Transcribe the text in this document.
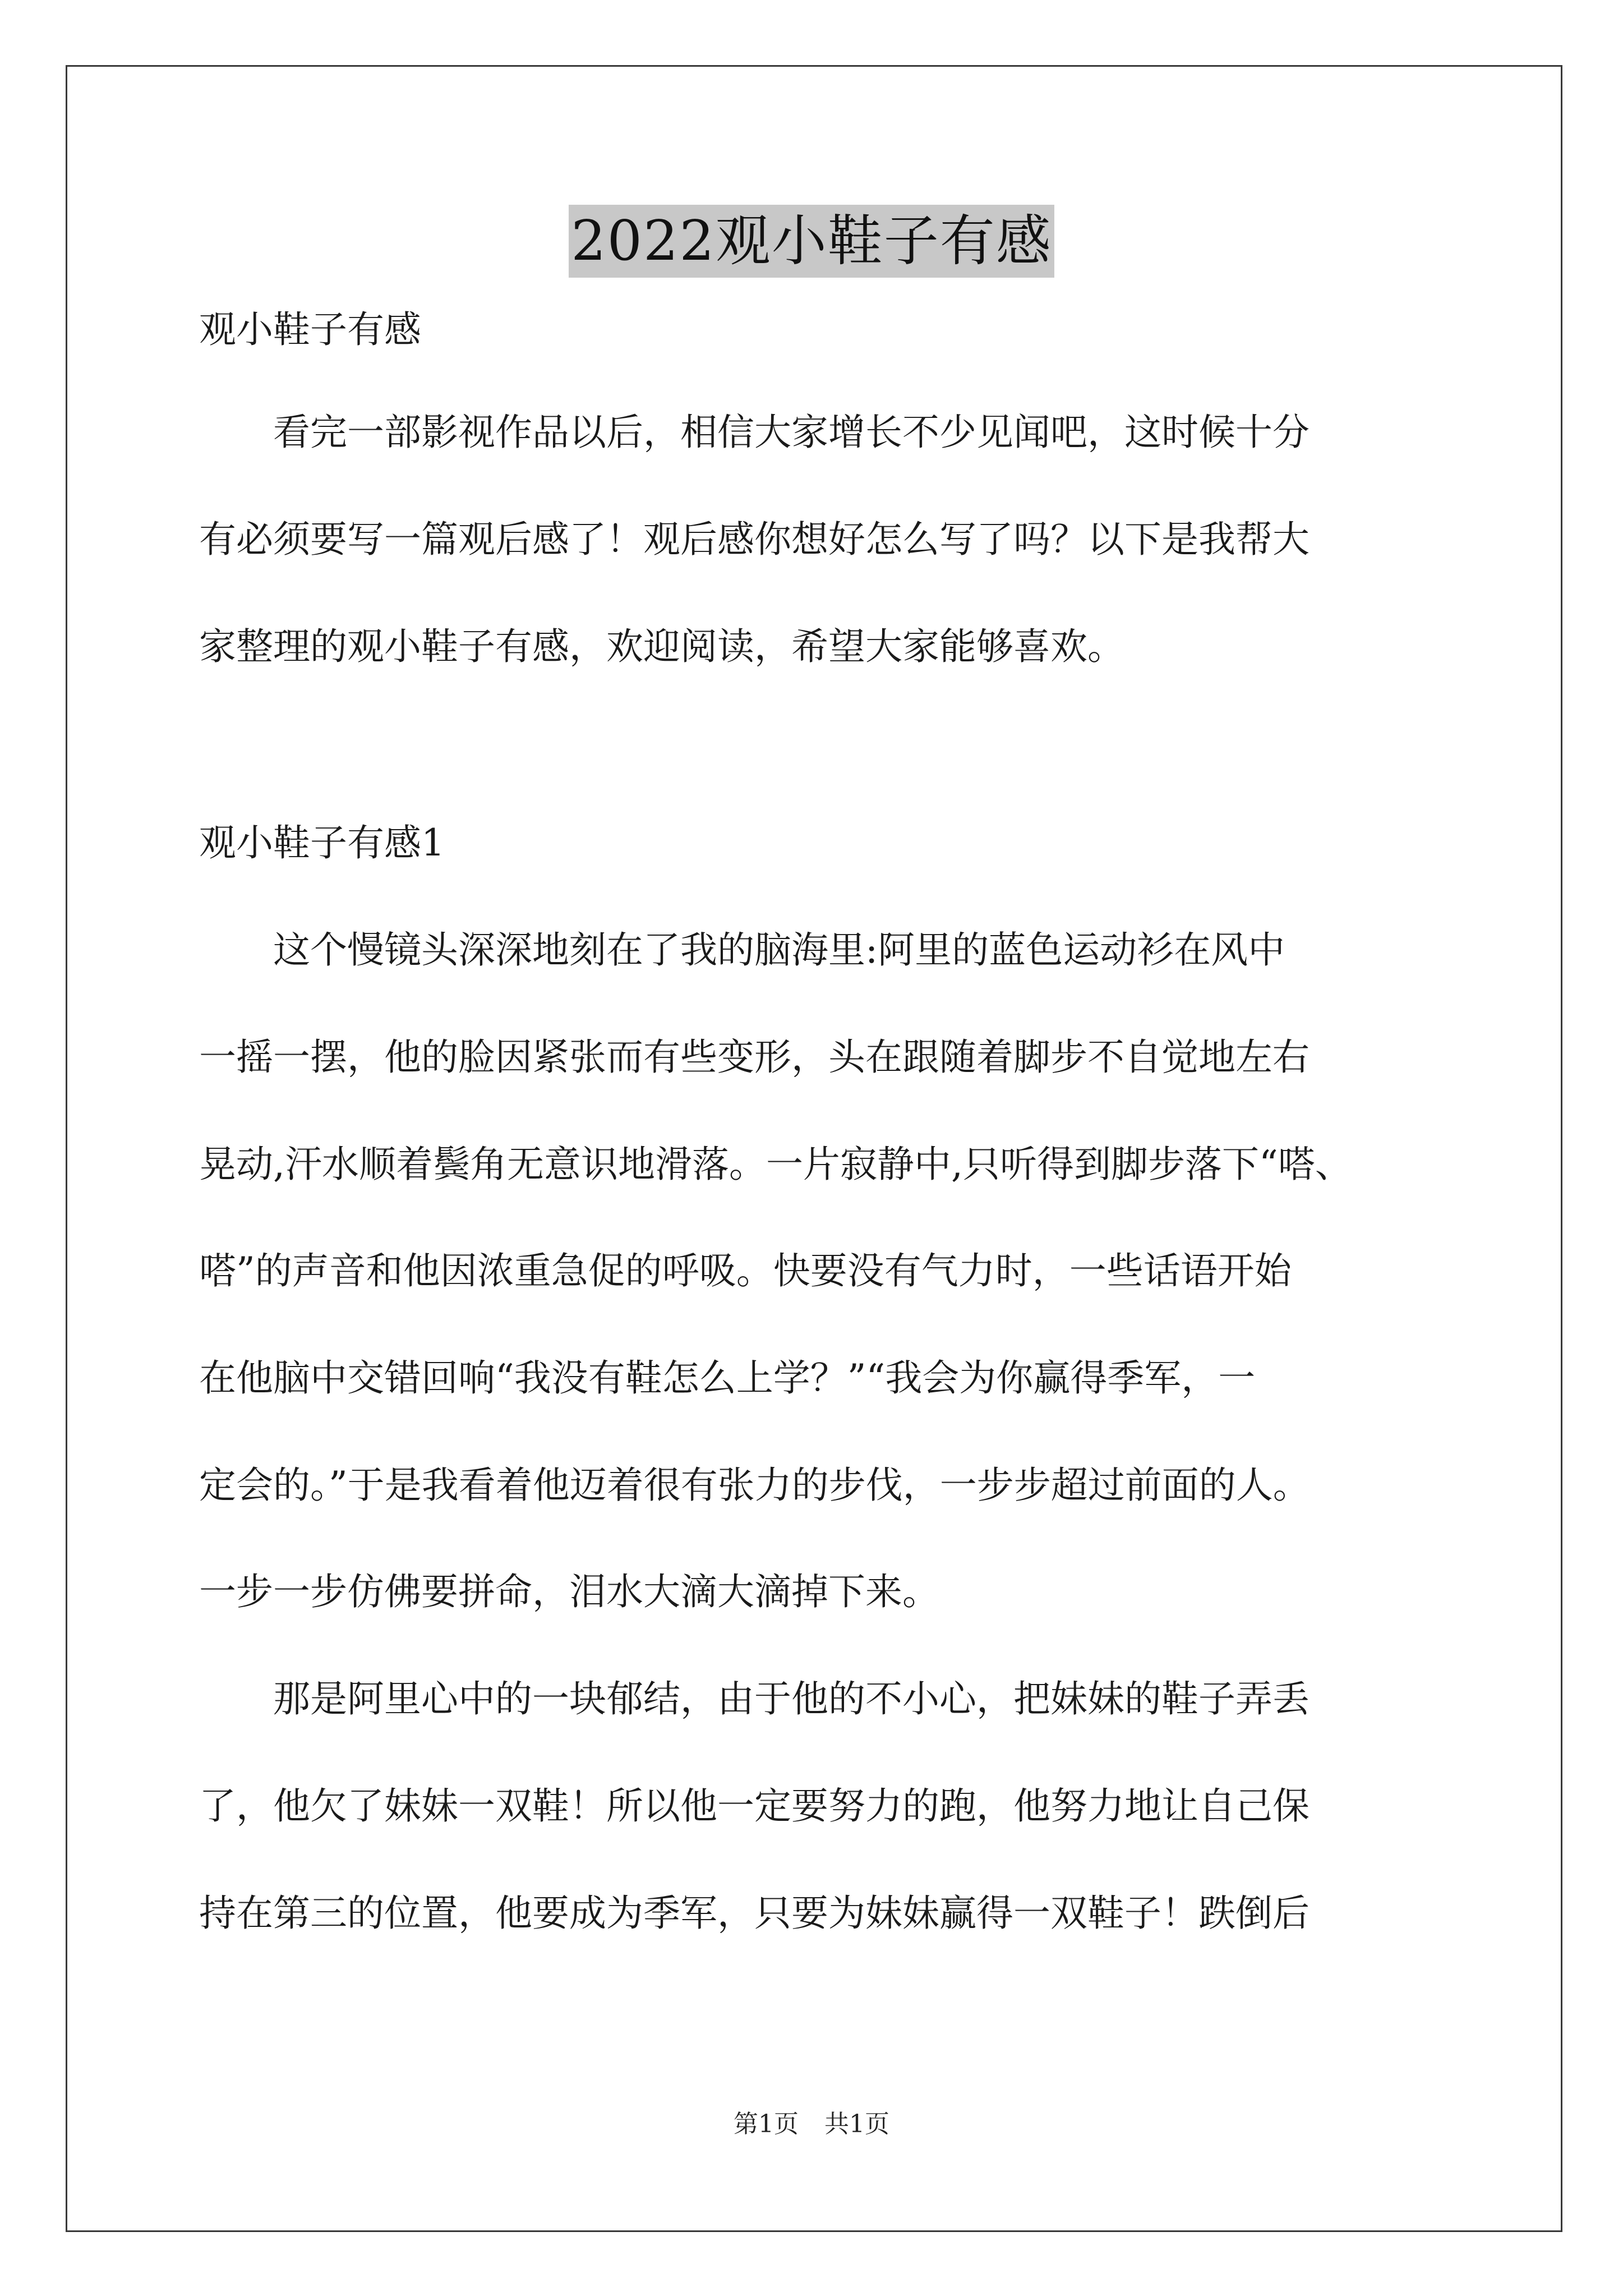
2022观小鞋子有感
观小鞋子有感
　　看完一部影视作品以后，相信大家增长不少见闻吧，这时候十分
有必须要写一篇观后感了！观后感你想好怎么写了吗？以下是我帮大
家整理的观小鞋子有感，欢迎阅读，希望大家能够喜欢。
观小鞋子有感1
　　这个慢镜头深深地刻在了我的脑海里:阿里的蓝色运动衫在风中
一摇一摆，他的脸因紧张而有些变形，头在跟随着脚步不自觉地左右
晃动,汗水顺着鬓角无意识地滑落。一片寂静中,只听得到脚步落下“嗒、
嗒”的声音和他因浓重急促的呼吸。快要没有气力时，一些话语开始
在他脑中交错回响“我没有鞋怎么上学？”“我会为你赢得季军，一
定会的。”于是我看着他迈着很有张力的步伐，一步步超过前面的人。
一步一步仿佛要拼命，泪水大滴大滴掉下来。
　　那是阿里心中的一块郁结，由于他的不小心，把妹妹的鞋子弄丢
了，他欠了妹妹一双鞋！所以他一定要努力的跑，他努力地让自己保
持在第三的位置，他要成为季军，只要为妹妹赢得一双鞋子！跌倒后
第1页 共1页
